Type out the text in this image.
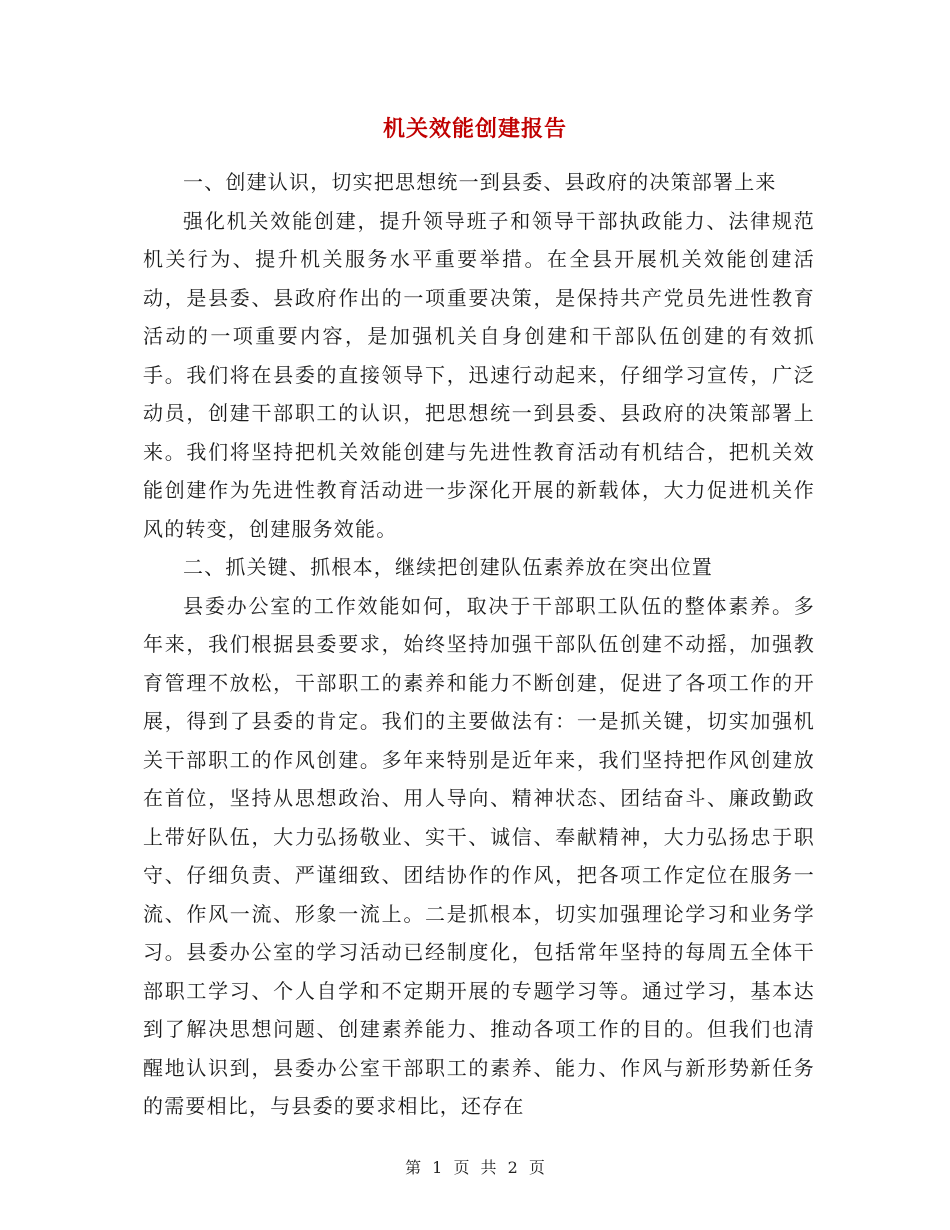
机关效能创建报告

一、创建认识，切实把思想统一到县委、县政府的决策部署上来

强化机关效能创建，提升领导班子和领导干部执政能力、法律规范机关行为、提升机关服务水平重要举措。在全县开展机关效能创建活动，是县委、县政府作出的一项重要决策，是保持共产党员先进性教育活动的一项重要内容，是加强机关自身创建和干部队伍创建的有效抓手。我们将在县委的直接领导下，迅速行动起来，仔细学习宣传，广泛动员，创建干部职工的认识，把思想统一到县委、县政府的决策部署上来。我们将坚持把机关效能创建与先进性教育活动有机结合，把机关效能创建作为先进性教育活动进一步深化开展的新载体，大力促进机关作风的转变，创建服务效能。

二、抓关键、抓根本，继续把创建队伍素养放在突出位置

县委办公室的工作效能如何，取决于干部职工队伍的整体素养。多年来，我们根据县委要求，始终坚持加强干部队伍创建不动摇，加强教育管理不放松，干部职工的素养和能力不断创建，促进了各项工作的开展，得到了县委的肯定。我们的主要做法有：一是抓关键，切实加强机关干部职工的作风创建。多年来特别是近年来，我们坚持把作风创建放在首位，坚持从思想政治、用人导向、精神状态、团结奋斗、廉政勤政上带好队伍，大力弘扬敬业、实干、诚信、奉献精神，大力弘扬忠于职守、仔细负责、严谨细致、团结协作的作风，把各项工作定位在服务一流、作风一流、形象一流上。二是抓根本，切实加强理论学习和业务学习。县委办公室的学习活动已经制度化，包括常年坚持的每周五全体干部职工学习、个人自学和不定期开展的专题学习等。通过学习，基本达到了解决思想问题、创建素养能力、推动各项工作的目的。但我们也清醒地认识到，县委办公室干部职工的素养、能力、作风与新形势新任务的需要相比，与县委的要求相比，还存在

第 1 页 共 2 页
